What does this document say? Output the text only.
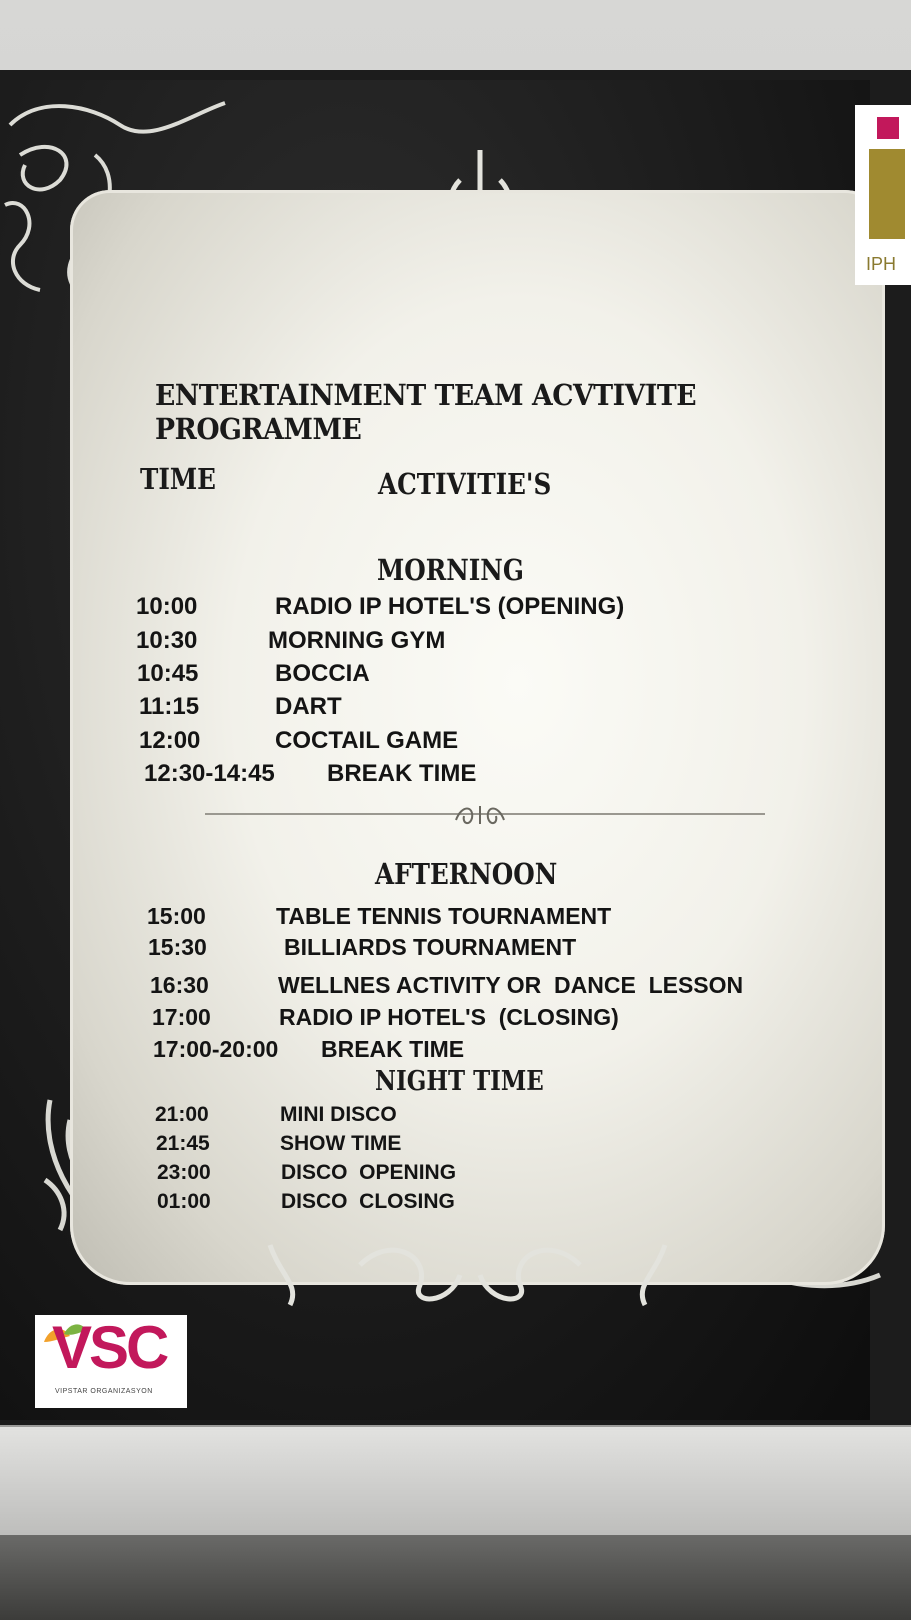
ENTERTAINMENT TEAM ACVTIVITE PROGRAMME
TIME	ACTIVITIE'S
MORNING
10:00	RADIO IP HOTEL'S (OPENING)
10:30	MORNING GYM
10:45	BOCCIA
11:15	DART
12:00	COCTAIL GAME
12:30-14:45 BREAK TIME
AFTERNOON
15:00	TABLE TENNIS TOURNAMENT
15:30	BILLIARDS TOURNAMENT
16:30	WELLNES ACTIVITY OR  DANCE  LESSON
17:00	RADIO IP HOTEL'S  (CLOSING)
17:00-20:00 BREAK TIME
NIGHT TIME
21:00	MINI DISCO
21:45	SHOW TIME
23:00	DISCO  OPENING
01:00	DISCO  CLOSING
IPH
VSC
VIPSTAR ORGANIZASYON
